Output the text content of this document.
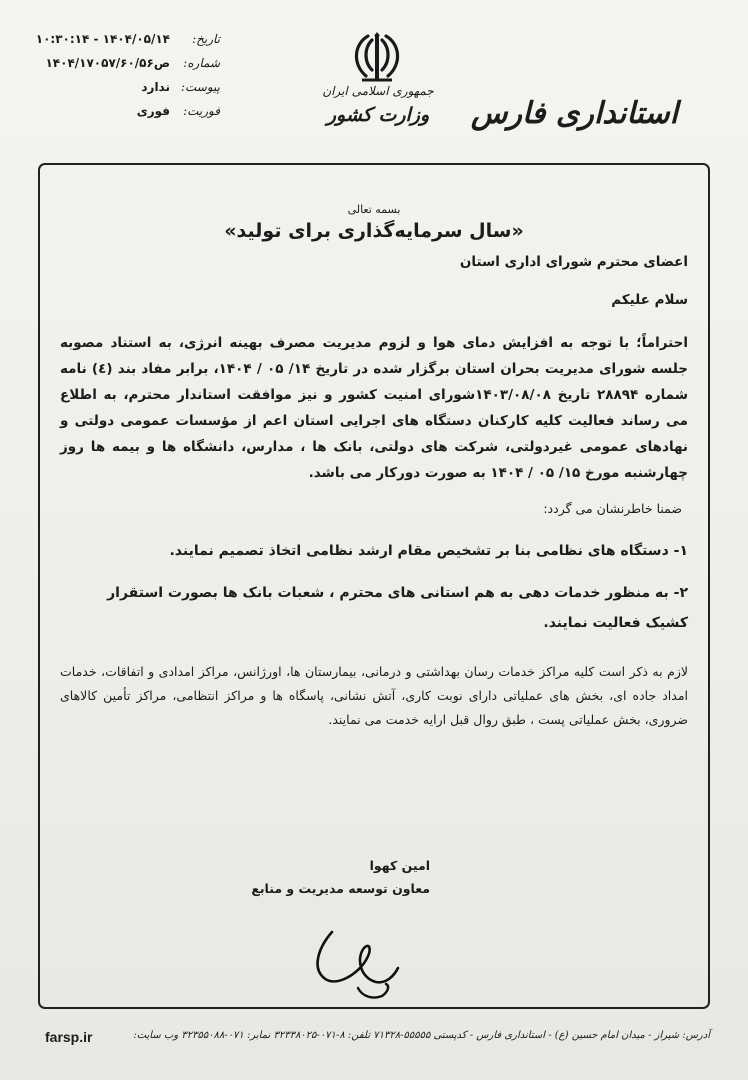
تاریخ:
۱۴۰۴/۰۵/۱۴ - ۱۰:۳۰:۱۴
شماره:
ص۱۴۰۴/۱۷۰۵۷/۶۰/۵۶
پیوست:
ندارد
فوریت:
فوری
جمهوری اسلامی ایران
وزارت کشور استانداری فارس
بسمه تعالی
«سال سرمایه‌گذاری برای تولید»
اعضای محترم شورای اداری استان
سلام علیکم
احتراماً؛ با توجه به افزایش دمای هوا و لزوم مدیریت مصرف بهینه انرژی، به استناد مصوبه جلسه شورای مدیریت بحران استان برگزار شده در تاریخ ۱۴/ ۰۵ / ۱۴۰۴، برابر مفاد بند (٤) نامه شماره ۲۸۸۹۴ تاریخ ۱۴۰۳/۰۸/۰۸شورای امنیت کشور و نیز موافقت استاندار محترم، به اطلاع می رساند فعالیت کلیه کارکنان دستگاه های اجرایی استان اعم از مؤسسات عمومی دولتی و نهادهای عمومی غیردولتی، شرکت های دولتی، بانک ها ، مدارس، دانشگاه ها و بیمه ها روز چهارشنبه مورخ ۱۵/ ۰۵ / ۱۴۰۴ به صورت دورکار می باشد.
ضمنا خاطرنشان می گردد:
۱- دستگاه های نظامی بنا بر تشخیص مقام ارشد نظامی اتخاذ تصمیم نمایند.
۲- به منظور خدمات دهی به هم استانی های محترم ، شعبات بانک ها بصورت استقرار کشیک فعالیت نمایند.
لازم به ذکر است کلیه مراکز خدمات رسان بهداشتی و درمانی، بیمارستان ها، اورژانس، مراکز امدادی و اتفاقات، خدمات امداد جاده ای، بخش های عملیاتی دارای نوبت کاری، آتش نشانی، پاسگاه ها و مراکز انتظامی، مراکز تأمین کالاهای ضروری، بخش عملیاتی پست ، طبق روال قبل ارایه خدمت می نمایند.
امین کهوا
معاون توسعه مدیریت و منابع
آدرس: شیراز - میدان امام حسین (ع) - استانداری فارس - کدپستی ۵۵۵۵۵-۷۱۳۲۸ تلفن: ۸-۰۷۱-۳۲۳۳۸۰۲۵ نمابر: ۰۷۱-۳۲۳۵۵۰۸۸ وب سایت:
farsp.ir
